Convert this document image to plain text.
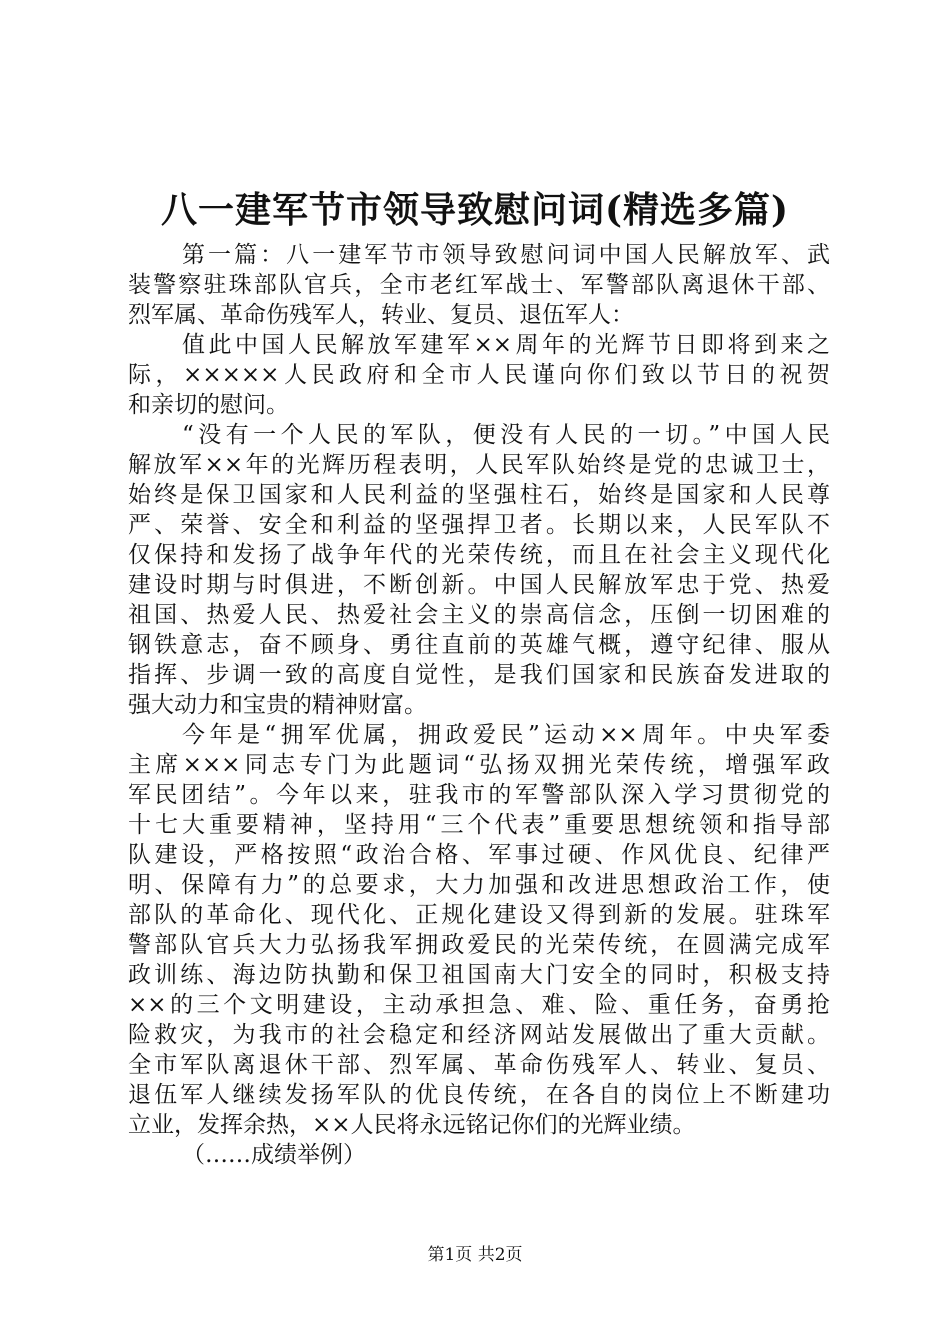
八一建军节市领导致慰问词(精选多篇)
第一篇：八一建军节市领导致慰问词中国人民解放军、武
装警察驻珠部队官兵，全市老红军战士、军警部队离退休干部、
烈军属、革命伤残军人，转业、复员、退伍军人：
值此中国人民解放军建军××周年的光辉节日即将到来之
际，×××××人民政府和全市人民谨向你们致以节日的祝贺
和亲切的慰问。
“没有一个人民的军队，便没有人民的一切。”中国人民
解放军××年的光辉历程表明，人民军队始终是党的忠诚卫士，
始终是保卫国家和人民利益的坚强柱石，始终是国家和人民尊
严、荣誉、安全和利益的坚强捍卫者。长期以来，人民军队不
仅保持和发扬了战争年代的光荣传统，而且在社会主义现代化
建设时期与时俱进，不断创新。中国人民解放军忠于党、热爱
祖国、热爱人民、热爱社会主义的崇高信念，压倒一切困难的
钢铁意志，奋不顾身、勇往直前的英雄气概，遵守纪律、服从
指挥、步调一致的高度自觉性，是我们国家和民族奋发进取的
强大动力和宝贵的精神财富。
今年是“拥军优属，拥政爱民”运动××周年。中央军委
主席×××同志专门为此题词“弘扬双拥光荣传统，增强军政
军民团结”。今年以来，驻我市的军警部队深入学习贯彻党的
十七大重要精神，坚持用“三个代表”重要思想统领和指导部
队建设，严格按照“政治合格、军事过硬、作风优良、纪律严
明、保障有力”的总要求，大力加强和改进思想政治工作，使
部队的革命化、现代化、正规化建设又得到新的发展。驻珠军
警部队官兵大力弘扬我军拥政爱民的光荣传统，在圆满完成军
政训练、海边防执勤和保卫祖国南大门安全的同时，积极支持
××的三个文明建设，主动承担急、难、险、重任务，奋勇抢
险救灾，为我市的社会稳定和经济网站发展做出了重大贡献。
全市军队离退休干部、烈军属、革命伤残军人、转业、复员、
退伍军人继续发扬军队的优良传统，在各自的岗位上不断建功
立业，发挥余热，××人民将永远铭记你们的光辉业绩。
（……成绩举例）
第1页 共2页
